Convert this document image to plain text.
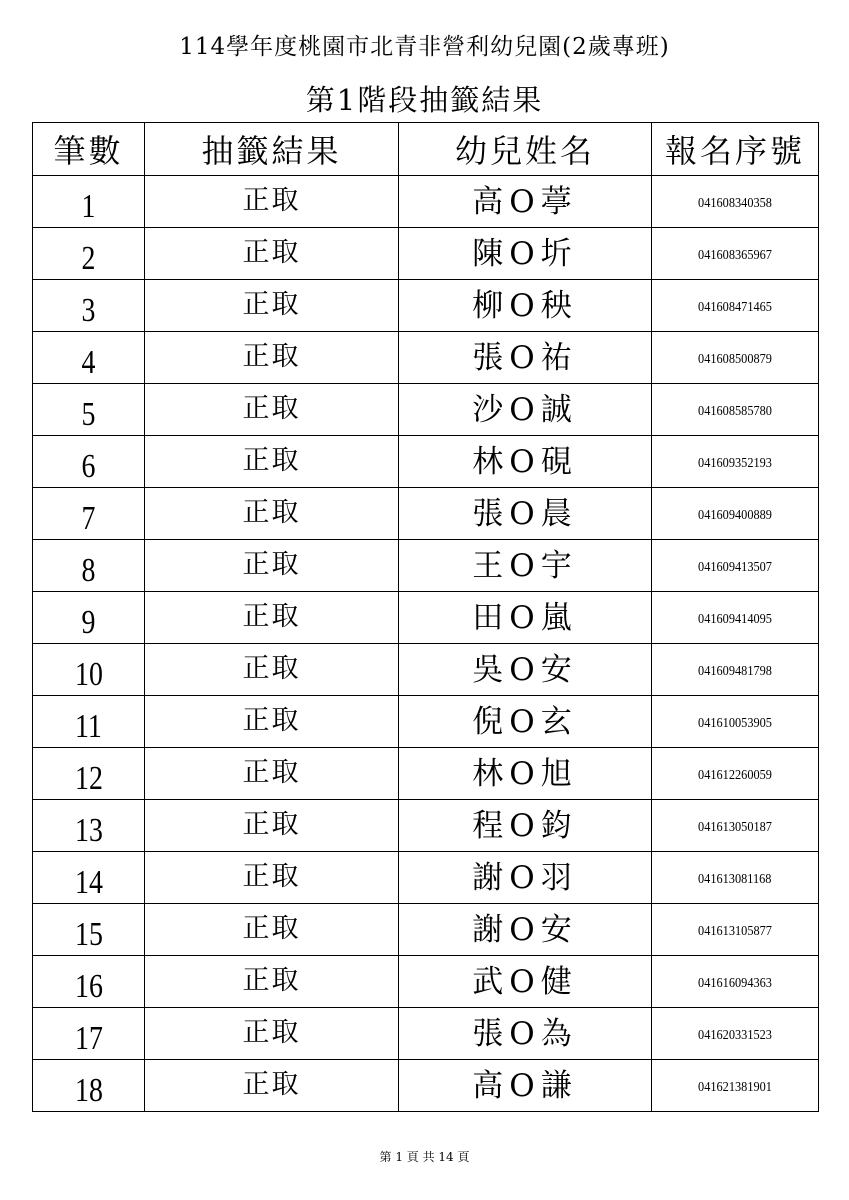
114學年度桃園市北青非營利幼兒園(2歲專班)
第1階段抽籤結果
筆數	抽籤結果	幼兒姓名	報名序號
1	正取	高O葶	041608340358
2	正取	陳O圻	041608365967
3	正取	柳O秧	041608471465
4	正取	張O祐	041608500879
5	正取	沙O誠	041608585780
6	正取	林O硯	041609352193
7	正取	張O晨	041609400889
8	正取	王O宇	041609413507
9	正取	田O嵐	041609414095
10	正取	吳O安	041609481798
11	正取	倪O玄	041610053905
12	正取	林O旭	041612260059
13	正取	程O鈞	041613050187
14	正取	謝O羽	041613081168
15	正取	謝O安	041613105877
16	正取	武O健	041616094363
17	正取	張O為	041620331523
18	正取	高O謙	041621381901
第 1 頁 共 14 頁
